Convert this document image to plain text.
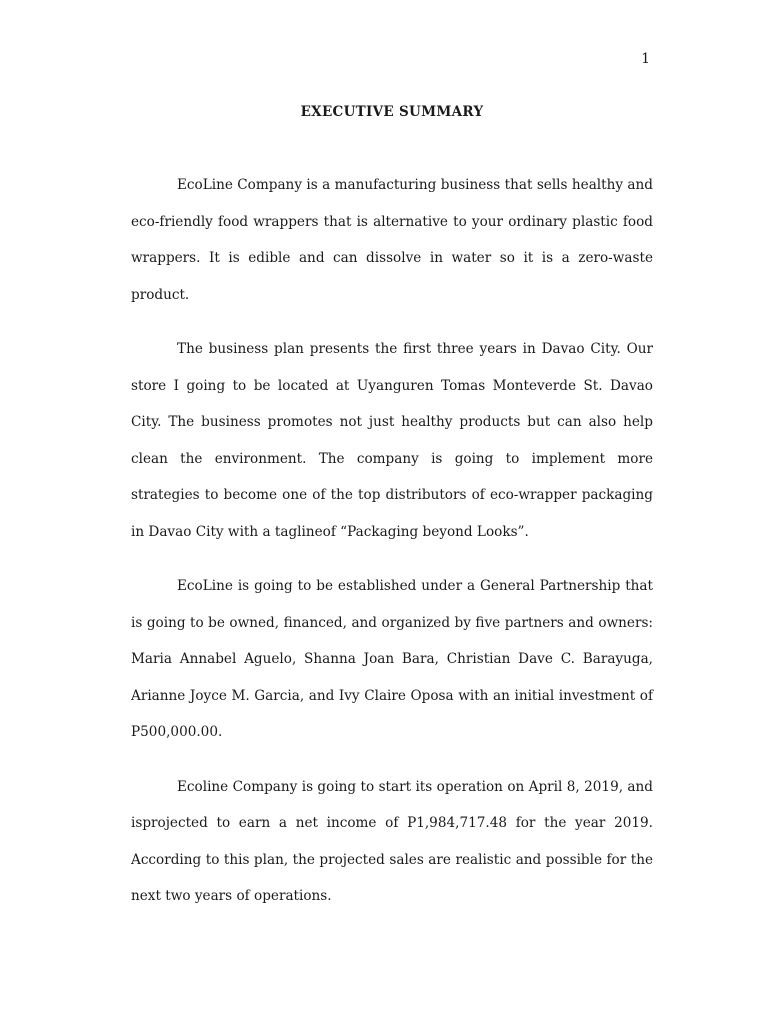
1
EXECUTIVE SUMMARY

EcoLine Company is a manufacturing business that sells healthy and eco-friendly food wrappers that is alternative to your ordinary plastic food wrappers. It is edible and can dissolve in water so it is a zero-waste product.

The business plan presents the first three years in Davao City. Our store I going to be located at Uyanguren Tomas Monteverde St. Davao City. The business promotes not just healthy products but can also help clean the environment. The company is going to implement more strategies to become one of the top distributors of eco-wrapper packaging in Davao City with a taglineof “Packaging beyond Looks”.

EcoLine is going to be established under a General Partnership that is going to be owned, financed, and organized by five partners and owners: Maria Annabel Aguelo, Shanna Joan Bara, Christian Dave C. Barayuga, Arianne Joyce M. Garcia, and Ivy Claire Oposa with an initial investment of P500,000.00.

Ecoline Company is going to start its operation on April 8, 2019, and isprojected to earn a net income of P1,984,717.48 for the year 2019. According to this plan, the projected sales are realistic and possible for the next two years of operations.
